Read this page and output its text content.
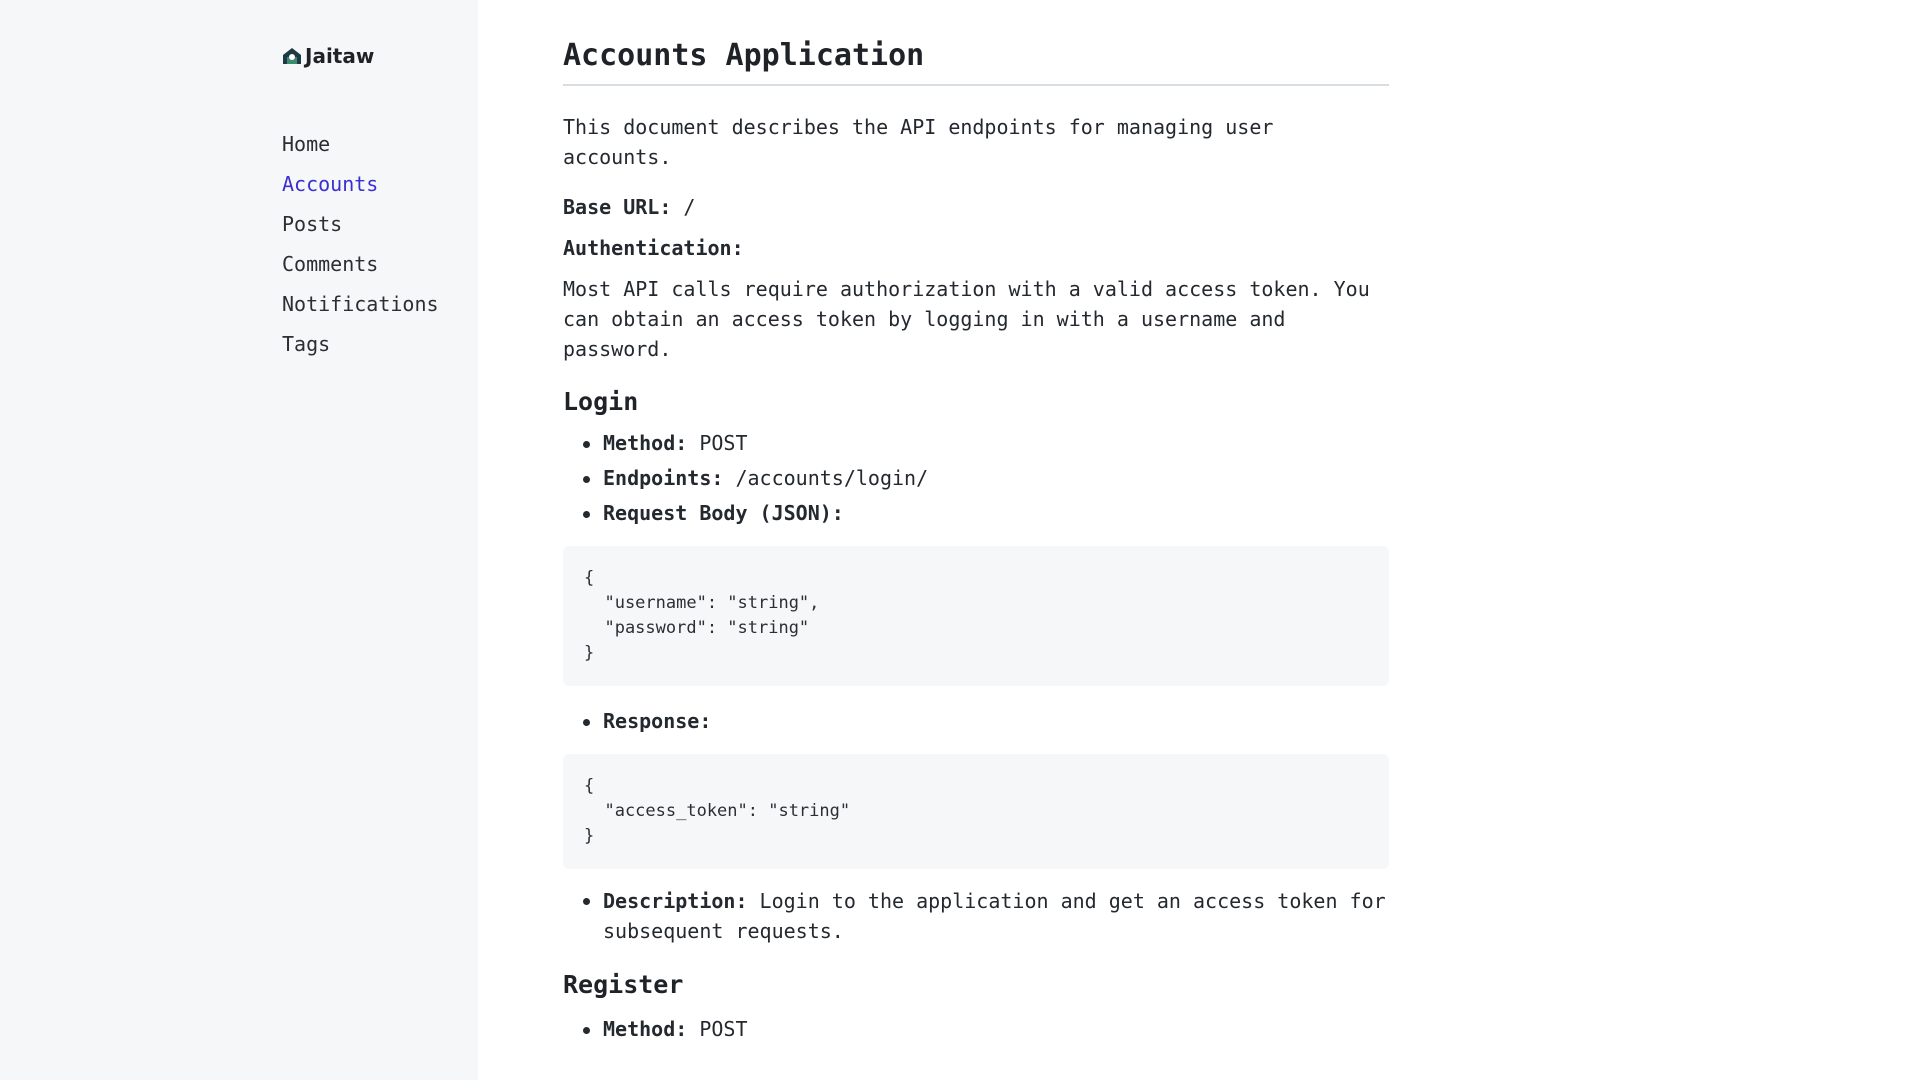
Jaitaw
Home
Accounts
Posts
Comments
Notifications
Tags
Accounts Application

This document describes the API endpoints for managing user accounts.

Base URL: /

Authentication:

Most API calls require authorization with a valid access token. You can obtain an access token by logging in with a username and password.

Login
Method: POST
Endpoints: /accounts/login/
Request Body (JSON):
{
"username": "string",
"password": "string"
}
Response:
{
"access_token": "string"
}
Description: Login to the application and get an access token for subsequent requests.
Register
Method: POST
